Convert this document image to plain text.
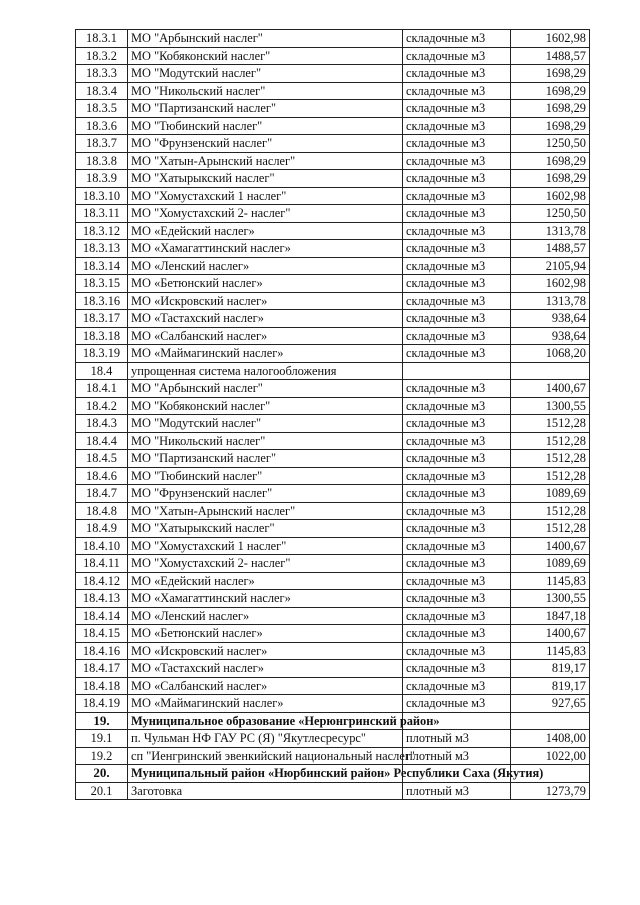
18.3.1	МО "Арбынский наслег"	складочные м3	1602,98
18.3.2	МО "Кобяконский наслег"	складочные м3	1488,57
18.3.3	МО "Модутский наслег"	складочные м3	1698,29
18.3.4	МО "Никольский наслег"	складочные м3	1698,29
18.3.5	МО "Партизанский наслег"	складочные м3	1698,29
18.3.6	МО "Тюбинский наслег"	складочные м3	1698,29
18.3.7	МО "Фрунзенский наслег"	складочные м3	1250,50
18.3.8	МО "Хатын-Арынский наслег"	складочные м3	1698,29
18.3.9	МО "Хатырыкский наслег"	складочные м3	1698,29
18.3.10	МО "Хомустахский 1 наслег"	складочные м3	1602,98
18.3.11	МО "Хомустахский 2- наслег"	складочные м3	1250,50
18.3.12	МО «Едейский наслег»	складочные м3	1313,78
18.3.13	МО «Хамагаттинский наслег»	складочные м3	1488,57
18.3.14	МО «Ленский наслег»	складочные м3	2105,94
18.3.15	МО «Бетюнский наслег»	складочные м3	1602,98
18.3.16	МО «Искровский наслег»	складочные м3	1313,78
18.3.17	МО «Тастахский наслег»	складочные м3	938,64
18.3.18	МО «Салбанский наслег»	складочные м3	938,64
18.3.19	МО «Маймагинский наслег»	складочные м3	1068,20
18.4	упрощенная система налогообложения		
18.4.1	МО "Арбынский наслег"	складочные м3	1400,67
18.4.2	МО "Кобяконский наслег"	складочные м3	1300,55
18.4.3	МО "Модутский наслег"	складочные м3	1512,28
18.4.4	МО "Никольский наслег"	складочные м3	1512,28
18.4.5	МО "Партизанский наслег"	складочные м3	1512,28
18.4.6	МО "Тюбинский наслег"	складочные м3	1512,28
18.4.7	МО "Фрунзенский наслег"	складочные м3	1089,69
18.4.8	МО "Хатын-Арынский наслег"	складочные м3	1512,28
18.4.9	МО "Хатырыкский наслег"	складочные м3	1512,28
18.4.10	МО "Хомустахский 1 наслег"	складочные м3	1400,67
18.4.11	МО "Хомустахский 2- наслег"	складочные м3	1089,69
18.4.12	МО «Едейский наслег»	складочные м3	1145,83
18.4.13	МО «Хамагаттинский наслег»	складочные м3	1300,55
18.4.14	МО «Ленский наслег»	складочные м3	1847,18
18.4.15	МО «Бетюнский наслег»	складочные м3	1400,67
18.4.16	МО «Искровский наслег»	складочные м3	1145,83
18.4.17	МО «Тастахский наслег»	складочные м3	819,17
18.4.18	МО «Салбанский наслег»	складочные м3	819,17
18.4.19	МО «Маймагинский наслег»	складочные м3	927,65
19.	Муниципальное образование «Нерюнгринский район»		
19.1	п. Чульман НФ ГАУ РС (Я) "Якутлесресурс"	плотный м3	1408,00
19.2	сп "Иенгринский эвенкийский национальный наслег"	плотный м3	1022,00
20.	Муниципальный район «Нюрбинский район» Республики Саха (Якутия)		
20.1	Заготовка	плотный м3	1273,79
